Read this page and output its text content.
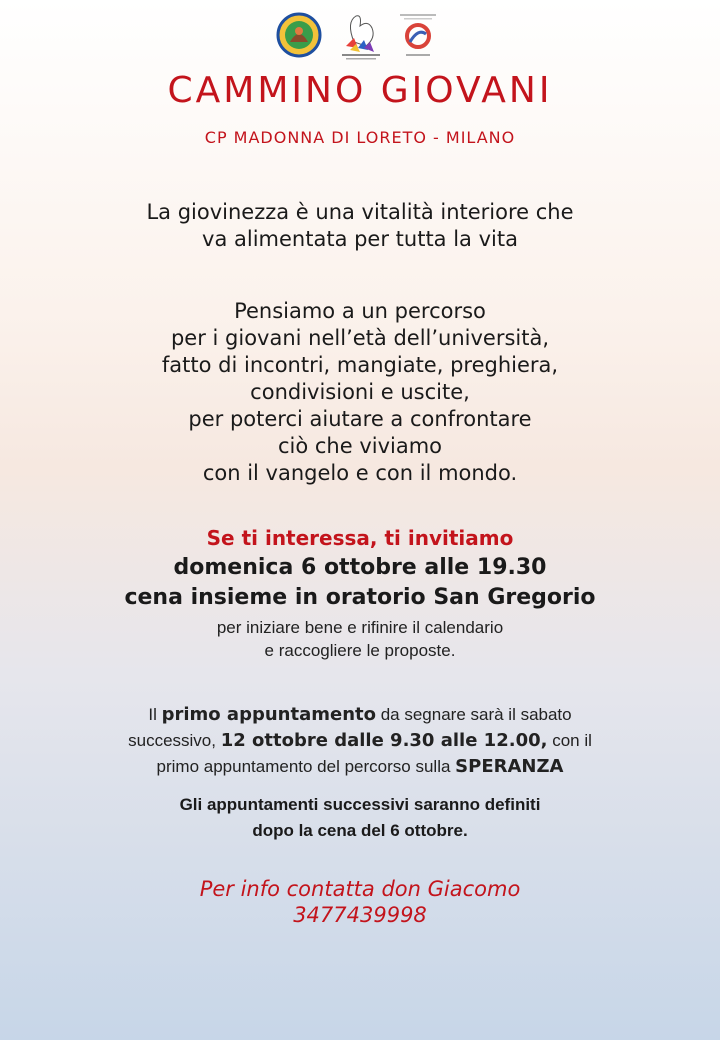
CAMMINO GIOVANI
CP MADONNA DI LORETO - MILANO

La giovinezza è una vitalità interiore che

va alimentata per tutta la vita

Pensiamo a un percorso

per i giovani nell’età dell’università,

fatto di incontri, mangiate, preghiera,

condivisioni e uscite,

per poterci aiutare a confrontare

ciò che viviamo

con il vangelo e con il mondo.

Se ti interessa, ti invitiamo
domenica 6 ottobre alle 19.30
cena insieme in oratorio San Gregorio
per iniziare bene e rifinire il calendario
e raccogliere le proposte.
Il primo appuntamento da segnare sarà il sabato
successivo, 12 ottobre dalle 9.30 alle 12.00, con il
primo appuntamento del percorso sulla SPERANZA
Gli appuntamenti successivi saranno definiti
dopo la cena del 6 ottobre.
Per info contatta don Giacomo
3477439998
